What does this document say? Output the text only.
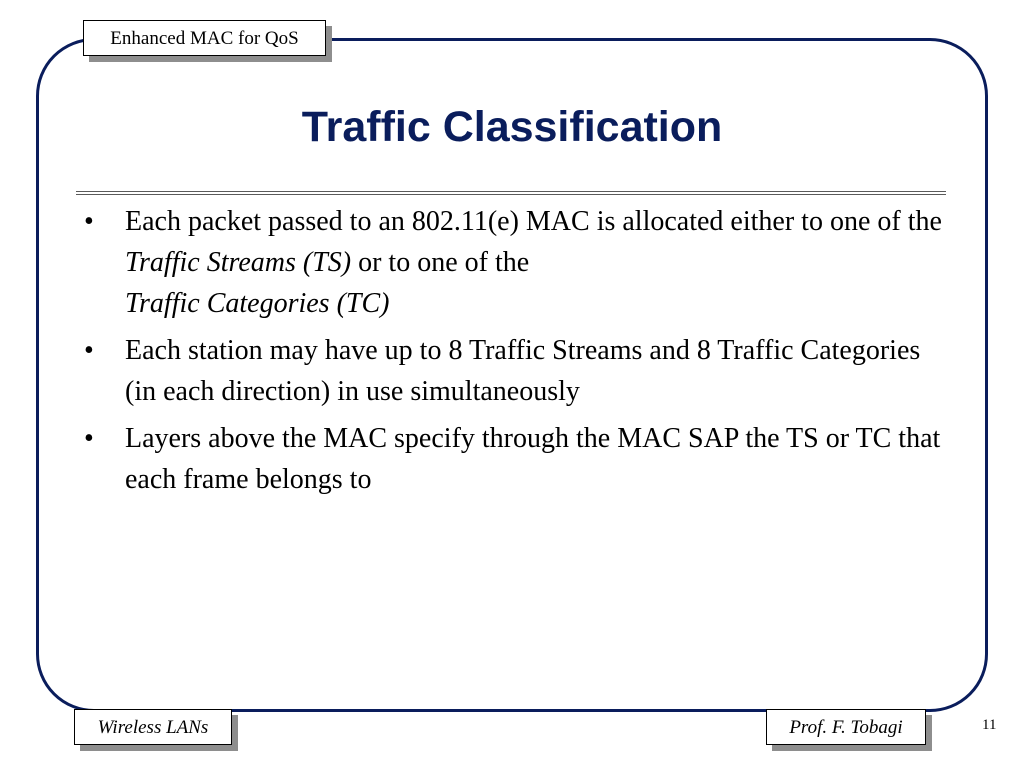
Enhanced MAC for QoS
Traffic Classification
• Each packet passed to an 802.11(e) MAC is allocated either to one of the Traffic Streams (TS) or to one of the
Traffic Categories (TC)
• Each station may have up to 8 Traffic Streams and 8 Traffic Categories (in each direction) in use simultaneously
• Layers above the MAC specify through the MAC SAP the TS or TC that each frame belongs to
Wireless LANs	Prof. F. Tobagi	11
